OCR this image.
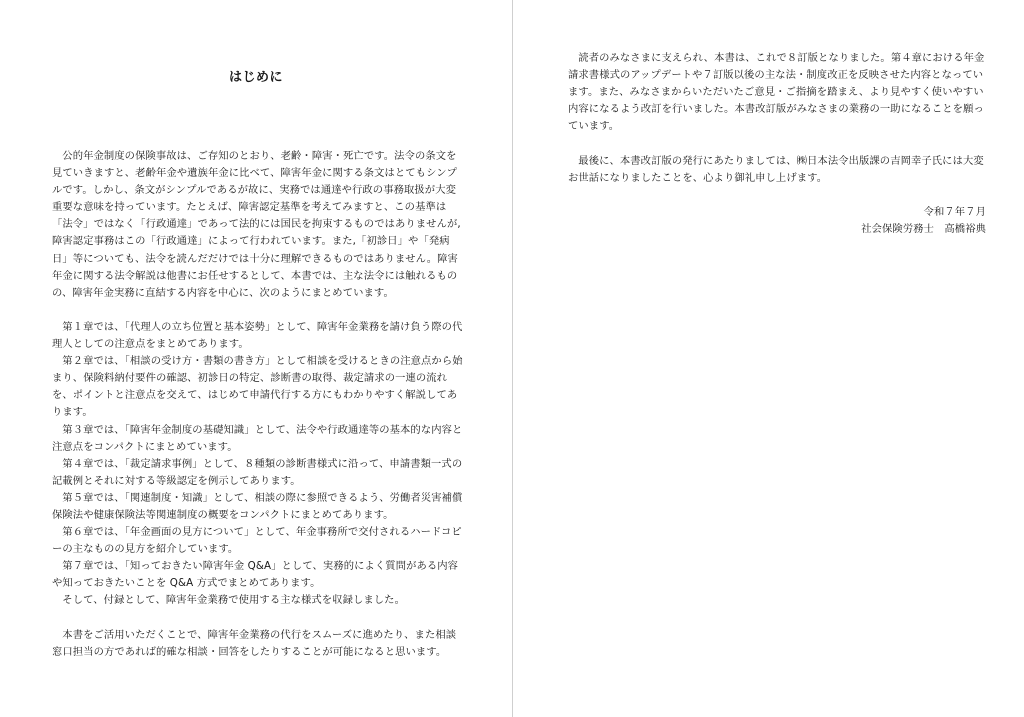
はじめに

公的年金制度の保険事故は、ご存知のとおり、老齢・障害・死亡です。法令の条文を見ていきますと、老齢年金や遺族年金に比べて、障害年金に関する条文はとてもシンプルです。しかし、条文がシンプルであるが故に、実務では通達や行政の事務取扱が大変重要な意味を持っています。たとえば、障害認定基準を考えてみますと、この基準は「法令」ではなく「行政通達」であって法的には国民を拘束するものではありませんが,障害認定事務はこの「行政通達」によって行われています。また,「初診日」や「発病日」等についても、法令を読んだだけでは十分に理解できるものではありません。障害年金に関する法令解説は他書にお任せするとして、本書では、主な法令には触れるものの、障害年金実務に直結する内容を中心に、次のようにまとめています。

第１章では、「代理人の立ち位置と基本姿勢」として、障害年金業務を請け負う際の代理人としての注意点をまとめてあります。

第２章では、「相談の受け方・書類の書き方」として相談を受けるときの注意点から始まり、保険料納付要件の確認、初診日の特定、診断書の取得、裁定請求の一連の流れを、ポイントと注意点を交えて、はじめて申請代行する方にもわかりやすく解説してあります。

第３章では、「障害年金制度の基礎知識」として、法令や行政通達等の基本的な内容と注意点をコンパクトにまとめています。

第４章では、「裁定請求事例」として、８種類の診断書様式に沿って、申請書類一式の記載例とそれに対する等級認定を例示してあります。

第５章では、「関連制度・知識」として、相談の際に参照できるよう、労働者災害補償保険法や健康保険法等関連制度の概要をコンパクトにまとめてあります。

第６章では、「年金画面の見方について」として、年金事務所で交付されるハードコピーの主なものの見方を紹介しています。

第７章では、「知っておきたい障害年金 Q&A」として、実務的によく質問がある内容や知っておきたいことを Q&A 方式でまとめてあります。

そして、付録として、障害年金業務で使用する主な様式を収録しました。

本書をご活用いただくことで、障害年金業務の代行をスムーズに進めたり、また相談窓口担当の方であれば的確な相談・回答をしたりすることが可能になると思います。

読者のみなさまに支えられ、本書は、これで８訂版となりました。第４章における年金請求書様式のアップデートや７訂版以後の主な法・制度改正を反映させた内容となっています。また、みなさまからいただいたご意見・ご指摘を踏まえ、より見やすく使いやすい内容になるよう改訂を行いました。本書改訂版がみなさまの業務の一助になることを願っています。

最後に、本書改訂版の発行にあたりましては、㈱日本法令出版課の吉岡幸子氏には大変お世話になりましたことを、心より御礼申し上げます。

令和７年７月

社会保険労務士　高橋裕典
